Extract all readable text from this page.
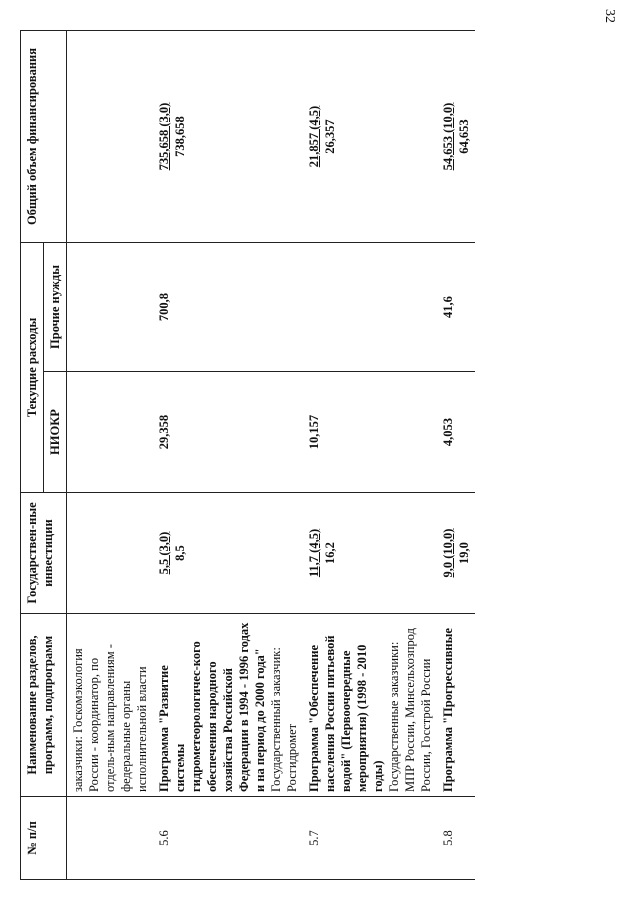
32
№ п/п	Наименование разделов, программ, подпрограмм	Государствен-ные инвестиции	Текущие расходы		Общий объем финансирования
			НИОКР	Прочие нужды	
	заказчики: Госкомэкология России - координатор, по отдель-ным направлениям - федеральные органы исполнительной власти				
5.6	Программа "Развитие системы гидрометеорологичес-кого обеспечения народного хозяйства Российской Федерации в 1994 - 1996 годах и на период до 2000 года" Государственный заказчик: Росгидромет	5,5 (3,0) 8,5	29,358	700,8	735,658 (3,0) 738,658

5.7	Программа "Обеспечение населения России питьевой водой" (Первоочередные мероприятия) (1998 - 2010 годы) Государственные заказчики: МПР России, Минсельхозпрод России, Госстрой России	11,7 (4,5) 16,2	10,157		21,857 (4,5) 26,357

5.8	Программа "Прогрессивные	9,0 (10,0) 19,0	4,053	41,6	54,653 (10,0) 64,653
